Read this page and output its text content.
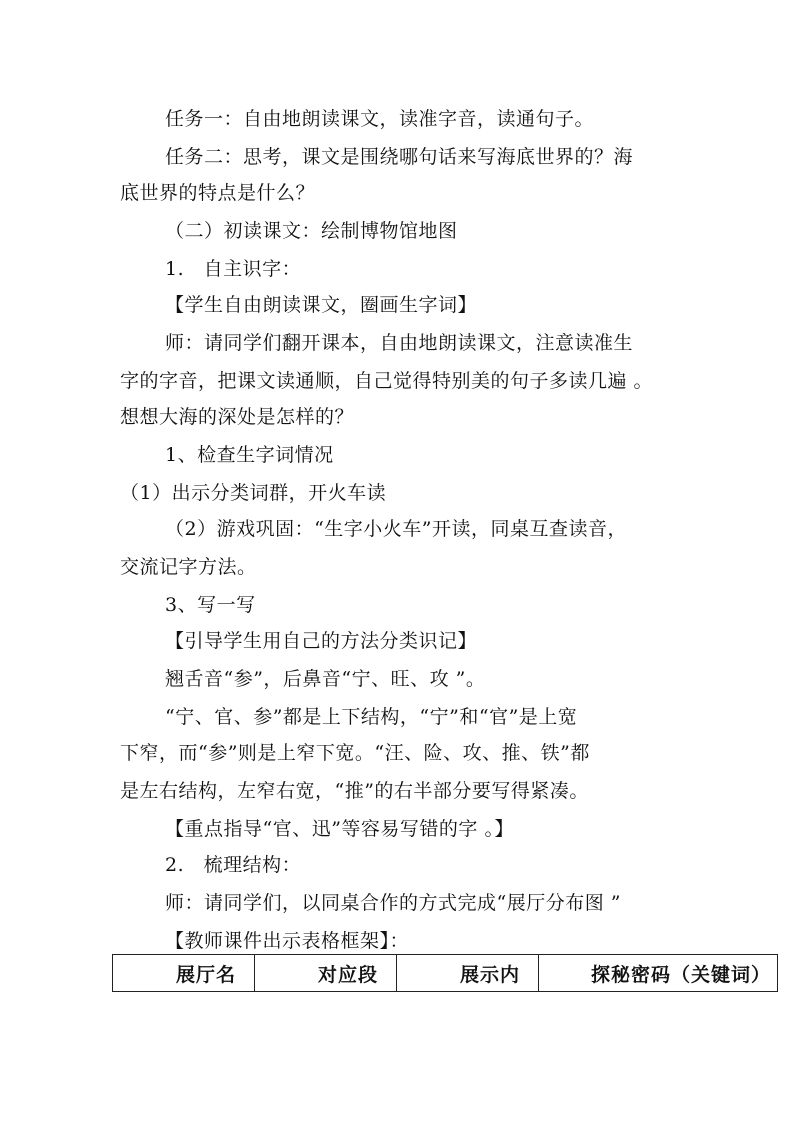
任务一：自由地朗读课文，读准字音，读通句子。
任务二：思考，课文是围绕哪句话来写海底世界的？海
底世界的特点是什么？
（二）初读课文：绘制博物馆地图
1.　自主识字：
【学生自由朗读课文，圈画生字词】
师：请同学们翻开课本，自由地朗读课文，注意读准生
字的字音，把课文读通顺，自己觉得特别美的句子多读几遍 。
想想大海的深处是怎样的？
1、检查生字词情况
（1）出示分类词群，开火车读
（2）游戏巩固：“生字小火车”开读，同桌互查读音，
交流记字方法。
3、写一写
【引导学生用自己的方法分类识记】
翘舌音“参”，后鼻音“宁、旺、攻 ”。
“宁、官、参”都是上下结构，“宁”和“官”是上宽
下窄，而“参”则是上窄下宽。“汪、险、攻、推、铁”都
是左右结构，左窄右宽，“推”的右半部分要写得紧凑。
【重点指导“官、迅”等容易写错的字 。】
2.　梳理结构：
师：请同学们，以同桌合作的方式完成“展厅分布图 ”
【教师课件出示表格框架】：
展厅名	对应段	展示内	探秘密码（关键词）
